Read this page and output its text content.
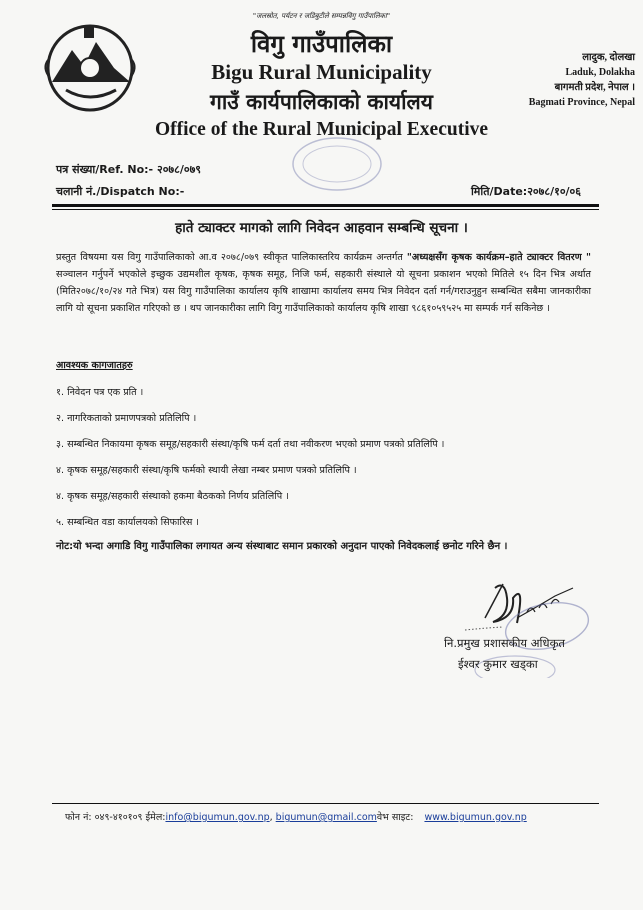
"जलस्रोत, पर्यटन र जडिबुटीले सम्पन्नविगु गाउँपालिका"
विगु गाउँपालिका
Bigu Rural Municipality
गाउँ कार्यपालिकाको कार्यालय
लादुक, दोलखा
Laduk, Dolakha
बागमती प्रदेश, नेपाल ।
Bagmati Province, Nepal
Office of the Rural Municipal Executive
पत्र संख्या/Ref. No:- २०७८/०७९
चलानी नं./Dispatch No:-	मिति/Date:२०७८/१०/०६
हाते ट्याक्टर मागको लागि निवेदन आहवान सम्बन्धि सूचना ।
प्रस्तुत विषयमा यस विगु गाउँपालिकाको आ.व २०७८/०७९ स्वीकृत पालिकास्तरिय कार्यक्रम अन्तर्गत "अध्यक्षसँग कृषक कार्यक्रम–हाते ट्याक्टर वितरण " सञ्चालन गर्नुपर्ने भएकोले इच्छुक उद्यमशील कृषक, कृषक समूह, निजि फर्म, सहकारी संस्थाले यो सूचना प्रकाशन भएको मितिले १५ दिन भित्र अर्थात (मिति२०७८/१०/२४ गते भित्र) यस विगु गाउँपालिका कार्यालय कृषि शाखामा कार्यालय समय भित्र निवेदन दर्ता गर्न/गराउनुहुन सम्बन्धित सबैमा जानकारीका लागि यो सूचना प्रकाशित गरिएको छ । थप जानकारीका लागि विगु गाउँपालिकाको कार्यालय कृषि शाखा ९८६१०५९५२५ मा सम्पर्क गर्न सकिनेछ ।
आवश्यक कागजातहरु
१. निवेदन पत्र एक प्रति ।
२. नागरिकताको प्रमाणपत्रको प्रतिलिपि ।
३. सम्बन्धित निकायमा कृषक समूह/सहकारी संस्था/कृषि फर्म दर्ता तथा नवीकरण भएको प्रमाण पत्रको प्रतिलिपि ।
४. कृषक समूह/सहकारी संस्था/कृषि फर्मको स्थायी लेखा नम्बर प्रमाण पत्रको प्रतिलिपि ।
४. कृषक समूह/सहकारी संस्थाको हकमा बैठकको निर्णय प्रतिलिपि ।
५. सम्बन्धित वडा कार्यालयको सिफारिस ।
नोट:यो भन्दा अगाडि विगु गाउँपालिका लगायत अन्य संस्थाबाट समान प्रकारको अनुदान पाएको निवेदकलाई छनोट गरिने छैन ।
नि.प्रमुख प्रशासकीय अधिकृत
ईश्वर कुमार खड्का
फोन नं: ०४९-४१०१०९ ईमेल:info@bigumun.gov.np, bigumun@gmail.comवेभ साइट: www.bigumun.gov.np
